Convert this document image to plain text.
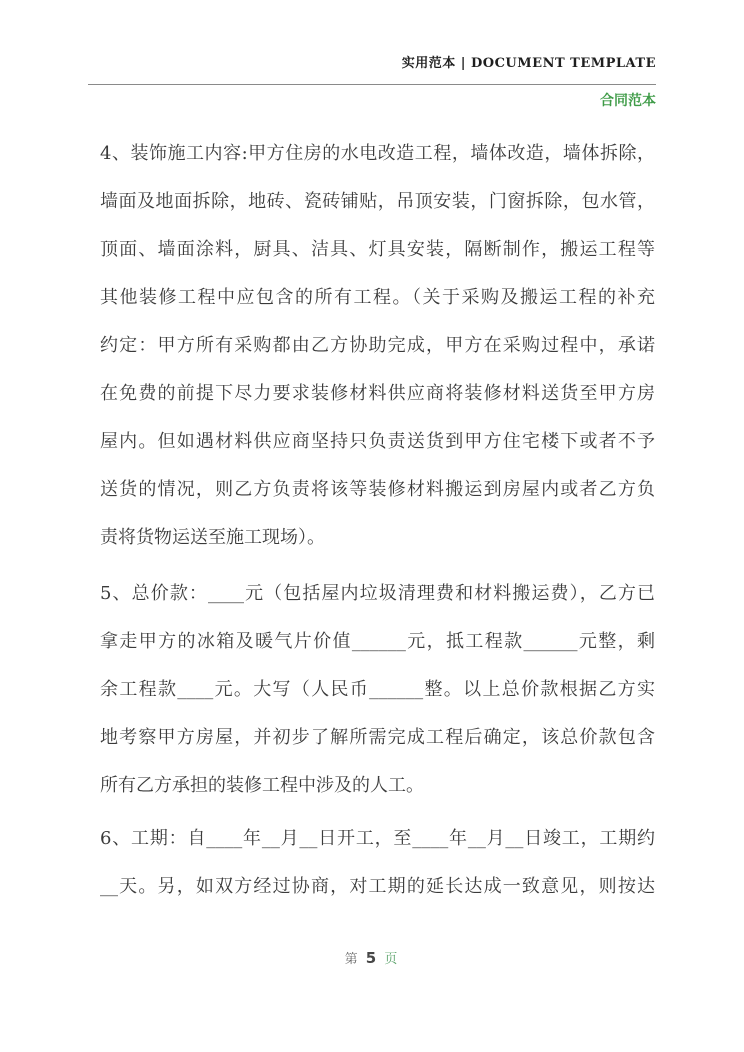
实用范本 | DOCUMENT TEMPLATE
合同范本
4、装饰施工内容:甲方住房的水电改造工程，墙体改造，墙体拆除，
墙面及地面拆除，地砖、瓷砖铺贴，吊顶安装，门窗拆除，包水管，
顶面、墙面涂料，厨具、洁具、灯具安装，隔断制作，搬运工程等
其他装修工程中应包含的所有工程。（关于采购及搬运工程的补充
约定：甲方所有采购都由乙方协助完成，甲方在采购过程中，承诺
在免费的前提下尽力要求装修材料供应商将装修材料送货至甲方房
屋内。但如遇材料供应商坚持只负责送货到甲方住宅楼下或者不予
送货的情况，则乙方负责将该等装修材料搬运到房屋内或者乙方负
责将货物运送至施工现场）。
5、总价款：____元（包括屋内垃圾清理费和材料搬运费），乙方已
拿走甲方的冰箱及暖气片价值______元，抵工程款______元整，剩
余工程款____元。大写（人民币______整。以上总价款根据乙方实
地考察甲方房屋，并初步了解所需完成工程后确定，该总价款包含
所有乙方承担的装修工程中涉及的人工。
6、工期：自____年__月__日开工，至____年__月__日竣工，工期约
__天。另，如双方经过协商，对工期的延长达成一致意见，则按达
第 5 页
